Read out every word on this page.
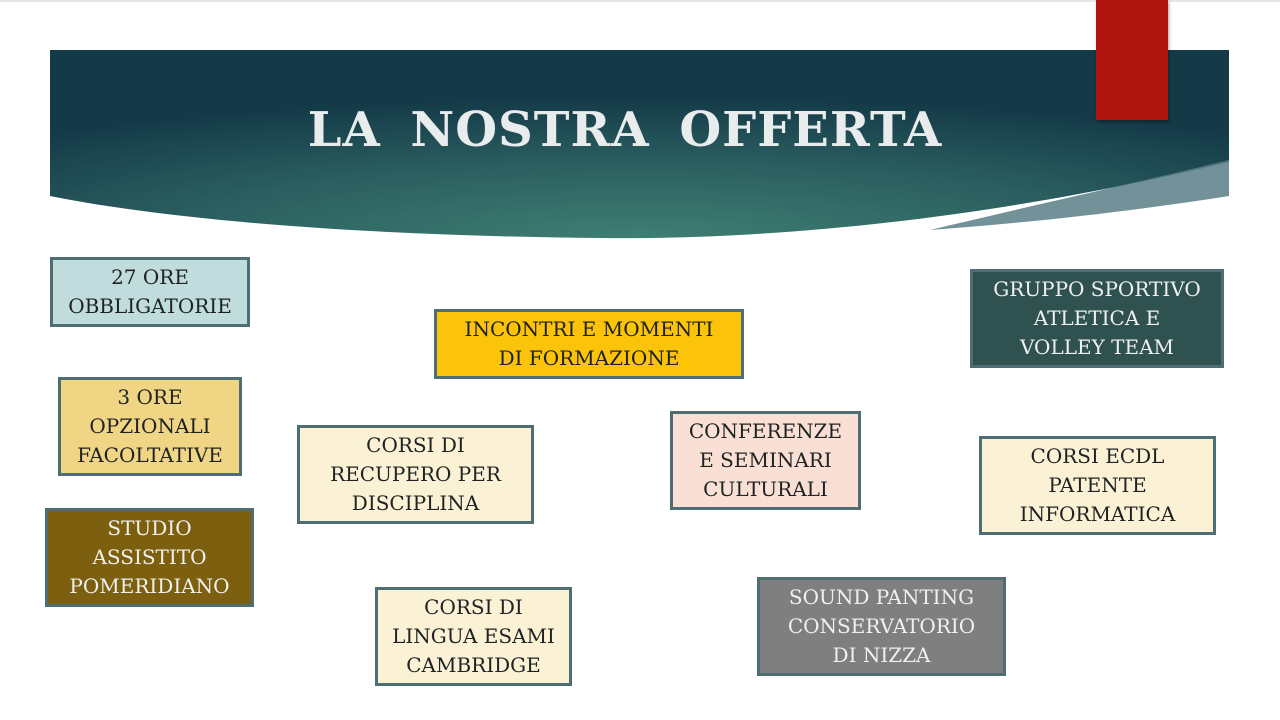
LA NOSTRA OFFERTA
27 ORE
OBBLIGATORIE
3 ORE
OPZIONALI
FACOLTATIVE
STUDIO
ASSISTITO
POMERIDIANO
CORSI DI
RECUPERO PER
DISCIPLINA
CORSI DI
LINGUA ESAMI
CAMBRIDGE
INCONTRI E MOMENTI
DI FORMAZIONE
CONFERENZE
E SEMINARI
CULTURALI
SOUND PANTING
CONSERVATORIO
DI NIZZA
GRUPPO SPORTIVO
ATLETICA E
VOLLEY TEAM
CORSI ECDL
PATENTE
INFORMATICA
